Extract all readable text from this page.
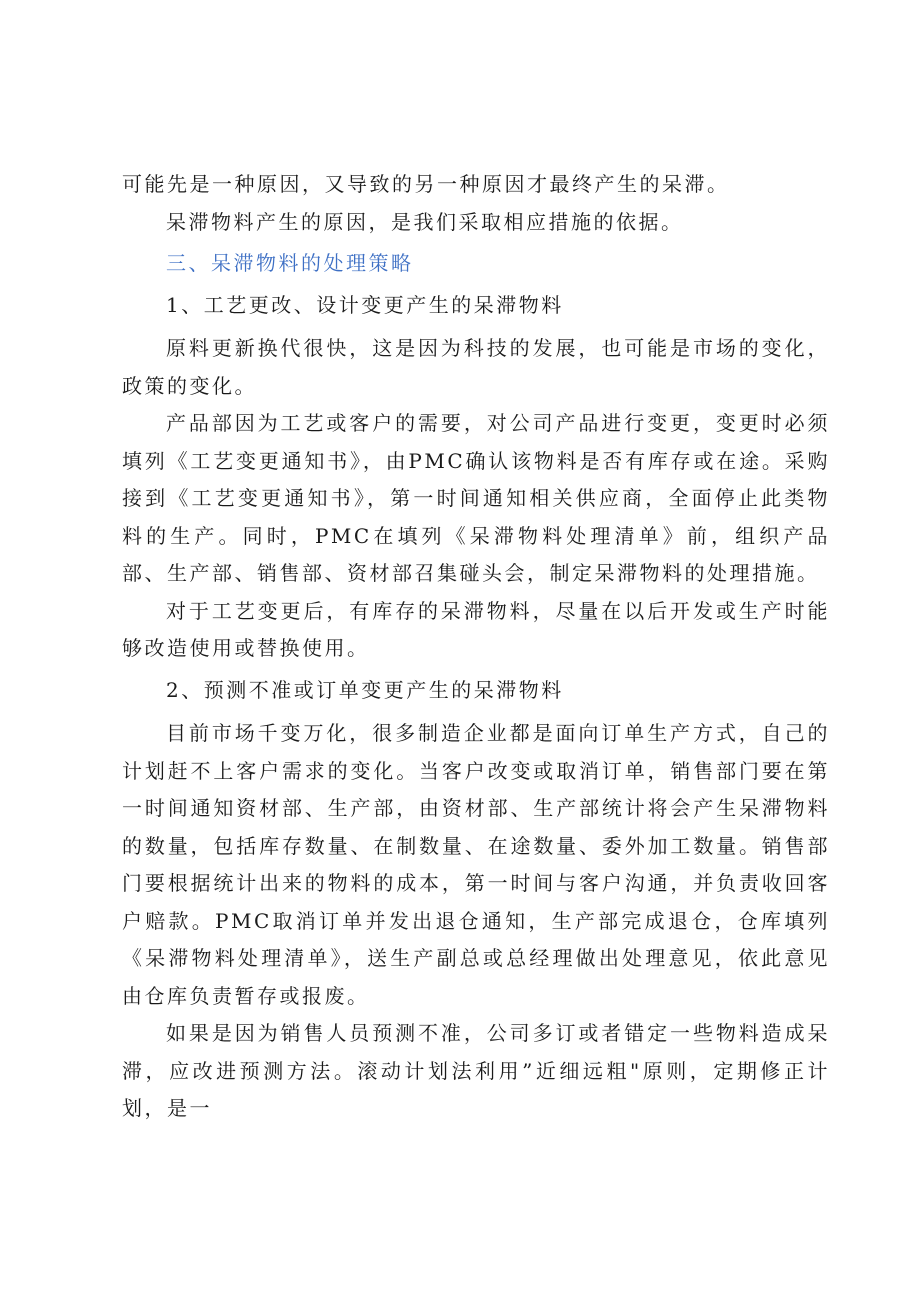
可能先是一种原因，又导致的另一种原因才最终产生的呆滞。

呆滞物料产生的原因，是我们采取相应措施的依据。

三、呆滞物料的处理策略

1、工艺更改、设计变更产生的呆滞物料

原料更新换代很快，这是因为科技的发展，也可能是市场的变化，政策的变化。

产品部因为工艺或客户的需要，对公司产品进行变更，变更时必须填列《工艺变更通知书》，由PMC确认该物料是否有库存或在途。采购接到《工艺变更通知书》，第一时间通知相关供应商，全面停止此类物料的生产。同时，PMC在填列《呆滞物料处理清单》前，组织产品部、生产部、销售部、资材部召集碰头会，制定呆滞物料的处理措施。

对于工艺变更后，有库存的呆滞物料，尽量在以后开发或生产时能够改造使用或替换使用。

2、预测不准或订单变更产生的呆滞物料

目前市场千变万化，很多制造企业都是面向订单生产方式，自己的计划赶不上客户需求的变化。当客户改变或取消订单，销售部门要在第一时间通知资材部、生产部，由资材部、生产部统计将会产生呆滞物料的数量，包括库存数量、在制数量、在途数量、委外加工数量。销售部门要根据统计出来的物料的成本，第一时间与客户沟通，并负责收回客户赔款。PMC取消订单并发出退仓通知，生产部完成退仓，仓库填列《呆滞物料处理清单》，送生产副总或总经理做出处理意见，依此意见由仓库负责暂存或报废。

如果是因为销售人员预测不准，公司多订或者错定一些物料造成呆滞，应改进预测方法。滚动计划法利用”近细远粗"原则，定期修正计划，是一
